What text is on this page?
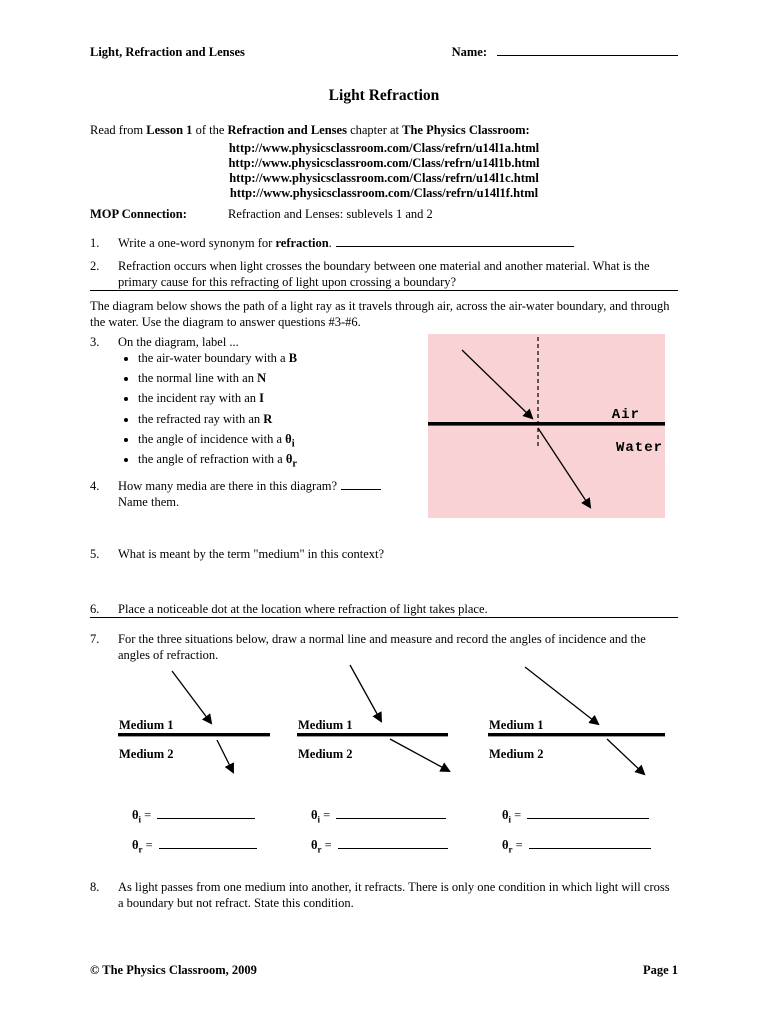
Light, Refraction and Lenses	Name:
Light Refraction

Read from Lesson 1 of the Refraction and Lenses chapter at The Physics Classroom:

http://www.physicsclassroom.com/Class/refrn/u14l1a.html
http://www.physicsclassroom.com/Class/refrn/u14l1b.html
http://www.physicsclassroom.com/Class/refrn/u14l1c.html
http://www.physicsclassroom.com/Class/refrn/u14l1f.html
MOP Connection:	Refraction and Lenses: sublevels 1 and 2
1.	Write a one-word synonym for refraction.
2.	Refraction occurs when light crosses the boundary between one material and another material. What is the primary cause for this refracting of light upon crossing a boundary?

The diagram below shows the path of a light ray as it travels through air, across the air-water boundary, and through the water. Use the diagram to answer questions #3-#6.

3.	On the diagram, label ...
• the air-water boundary with a B
• the normal line with an N
• the incident ray with an I
• the refracted ray with an R
• the angle of incidence with a $\theta_i$
• the angle of refraction with a $\theta_r$
4.	How many media are there in this diagram?
Name them.
5.	What is meant by the term "medium" in this context?
Air
Water
6.	Place a noticeable dot at the location where refraction of light takes place.
7.	For the three situations below, draw a normal line and measure and record the angles of incidence and the angles of refraction.
Medium 1
Medium 2
$\theta_i$ =
$\theta_r$ =
Medium 1
Medium 2
$\theta_i$ =
$\theta_r$ =
Medium 1
Medium 2
$\theta_i$ =
$\theta_r$ =
8.	As light passes from one medium into another, it refracts. There is only one condition in which light will cross a boundary but not refract. State this condition.
© The Physics Classroom, 2009	Page 1
